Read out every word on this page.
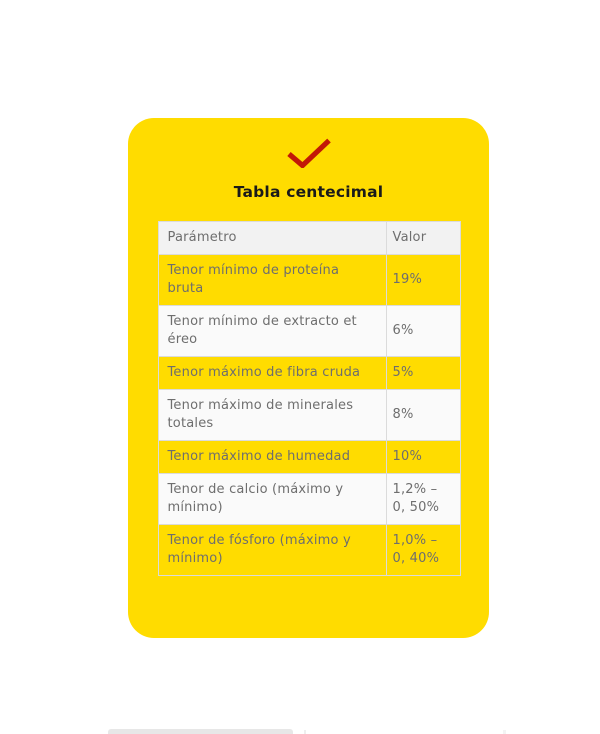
Tabla centecimal
Parámetro	Valor
Tenor mínimo de proteína bruta	19%
Tenor mínimo de extracto et éreo	6%
Tenor máximo de fibra cruda	5%
Tenor máximo de minerales totales	8%
Tenor máximo de humedad	10%
Tenor de calcio (máximo y mínimo)	1,2% – 0, 50%
Tenor de fósforo (máximo y mínimo)	1,0% – 0, 40%
